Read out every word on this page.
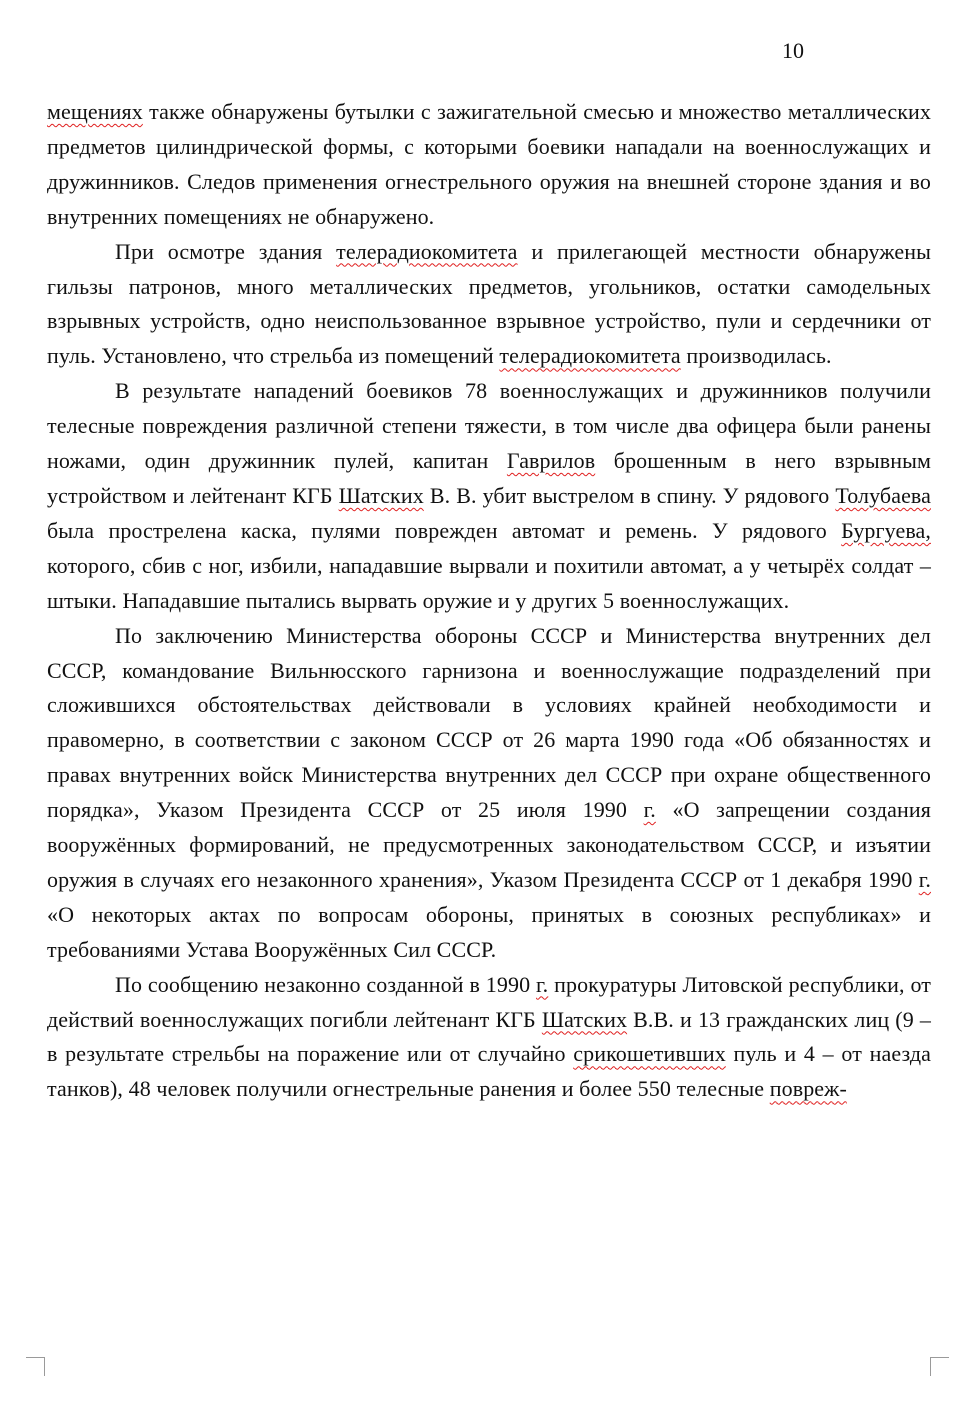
10

мещениях также обнаружены бутылки с зажигательной смесью и множество металлических предметов цилиндрической формы, с которыми боевики нападали на военнослужащих и дружинников. Следов применения огнестрельного оружия на внешней стороне здания и во внутренних помещениях не обнаружено.

При осмотре здания телерадиокомитета и прилегающей местности обнаружены гильзы патронов, много металлических предметов, угольников, остатки самодельных взрывных устройств, одно неиспользованное взрывное устройство, пули и сердечники от пуль. Установлено, что стрельба из помещений телерадиокомитета производилась.

В результате нападений боевиков 78 военнослужащих и дружинников получили телесные повреждения различной степени тяжести, в том числе два офицера были ранены ножами, один дружинник пулей, капитан Гаврилов брошенным в него взрывным устройством и лейтенант КГБ Шатских В. В. убит выстрелом в спину. У рядового Толубаева была прострелена каска, пулями поврежден автомат и ремень. У рядового Бургуева, которого, сбив с ног, избили, нападавшие вырвали и похитили автомат, а у четырёх солдат – штыки. Нападавшие пытались вырвать оружие и у других 5 военнослужащих.

По заключению Министерства обороны СССР и Министерства внутренних дел СССР, командование Вильнюсского гарнизона и военнослужащие подразделений при сложившихся обстоятельствах действовали в условиях крайней необходимости и правомерно, в соответствии с законом СССР от 26 марта 1990 года «Об обязанностях и правах внутренних войск Министерства внутренних дел СССР при охране общественного порядка», Указом Президента СССР от 25 июля 1990 г. «О запрещении создания вооружённых формирований, не предусмотренных законодательством СССР, и изъятии оружия в случаях его незаконного хранения», Указом Президента СССР от 1 декабря 1990 г. «О некоторых актах по вопросам обороны, принятых в союзных республиках» и требованиями Устава Вооружённых Сил СССР.

По сообщению незаконно созданной в 1990 г. прокуратуры Литовской республики, от действий военнослужащих погибли лейтенант КГБ Шатских В.В. и 13 гражданских лиц (9 – в результате стрельбы на поражение или от случайно срикошетивших пуль и 4 – от наезда танков), 48 человек получили огнестрельные ранения и более 550 телесные повреж-
